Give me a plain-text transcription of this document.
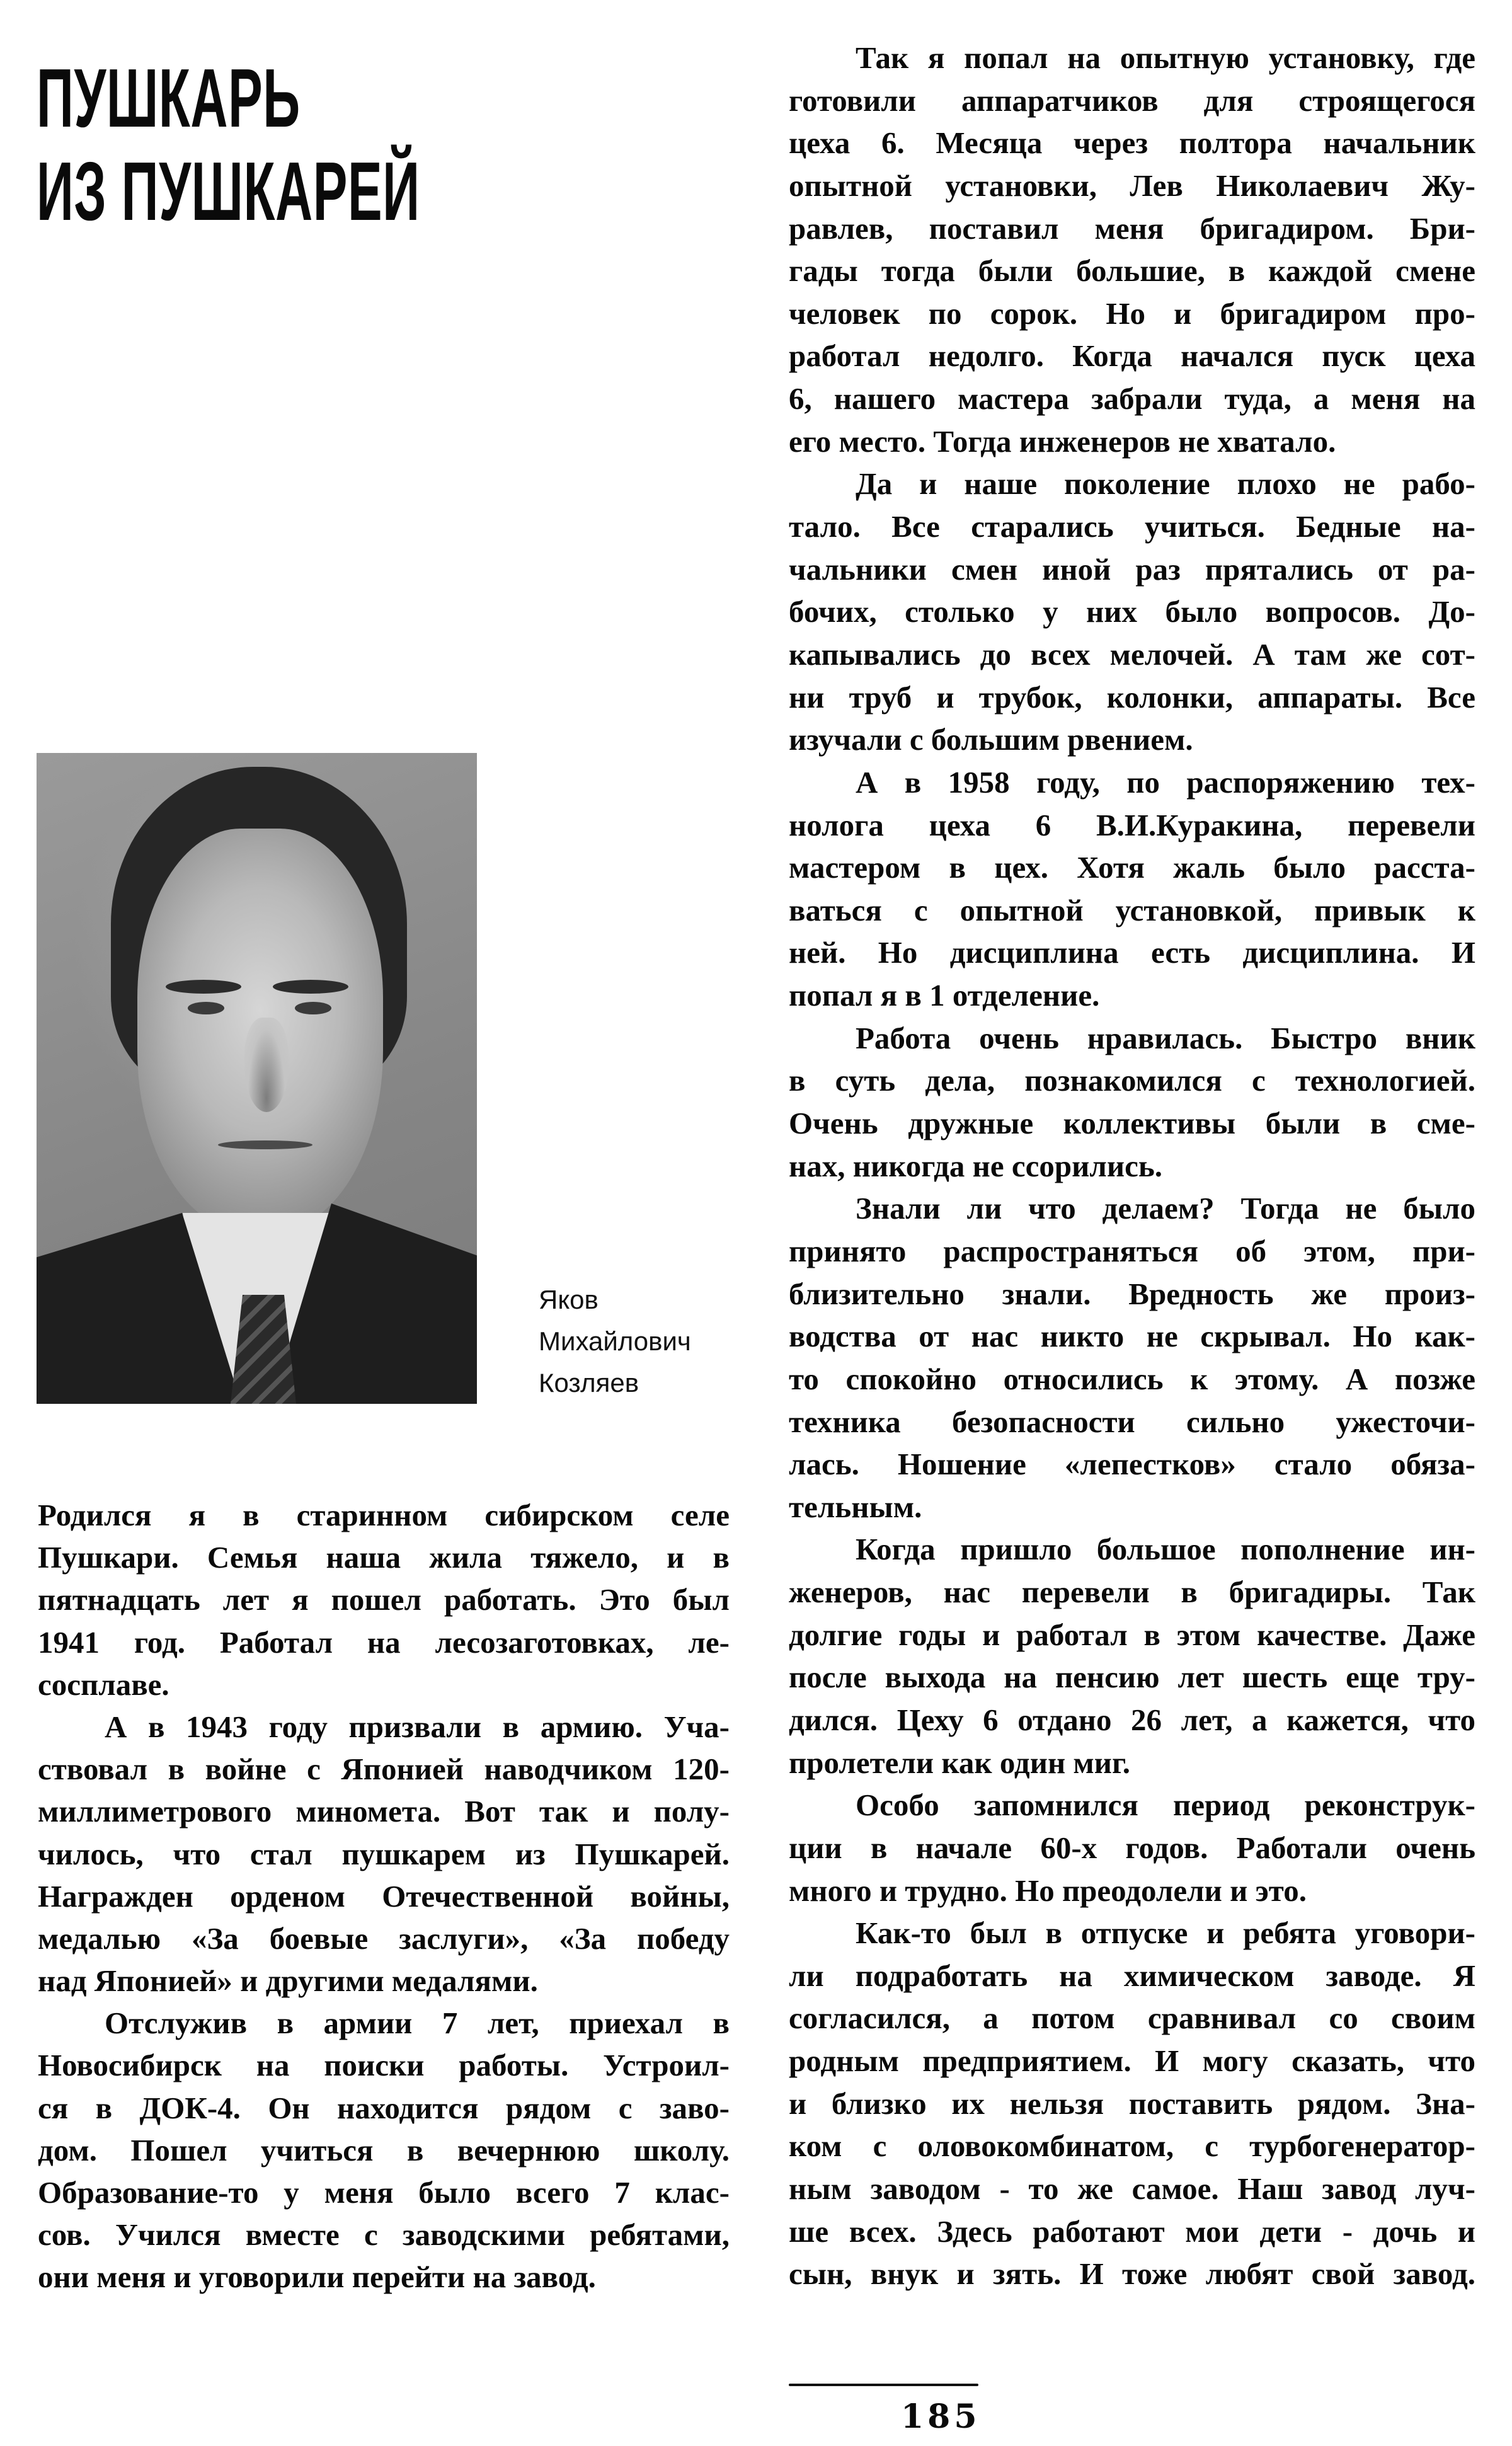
ПУШКАРЬ
ИЗ ПУШКАРЕЙ
Яков
Михайлович
Козляев
Родился я в старинном сибирском селе
Пушкари. Семья наша жила тяжело, и в
пятнадцать лет я пошел работать. Это был
1941 год. Работал на лесозаготовках, ле-
сосплаве.
А в 1943 году призвали в армию. Уча-
ствовал в войне с Японией наводчиком 120-
миллиметрового миномета. Вот так и полу-
чилось, что стал пушкарем из Пушкарей.
Награжден орденом Отечественной войны,
медалью «За боевые заслуги», «За победу
над Японией» и другими медалями.
Отслужив в армии 7 лет, приехал в
Новосибирск на поиски работы. Устроил-
ся в ДОК-4. Он находится рядом с заво-
дом. Пошел учиться в вечернюю школу.
Образование-то у меня было всего 7 клас-
сов. Учился вместе с заводскими ребятами,
они меня и уговорили перейти на завод.
Так я попал на опытную установку, где
готовили аппаратчиков для строящегося
цеха 6. Месяца через полтора начальник
опытной установки, Лев Николаевич Жу-
равлев, поставил меня бригадиром. Бри-
гады тогда были большие, в каждой смене
человек по сорок. Но и бригадиром про-
работал недолго. Когда начался пуск цеха
6, нашего мастера забрали туда, а меня на
его место. Тогда инженеров не хватало.
Да и наше поколение плохо не рабо-
тало. Все старались учиться. Бедные на-
чальники смен иной раз прятались от ра-
бочих, столько у них было вопросов. До-
капывались до всех мелочей. А там же сот-
ни труб и трубок, колонки, аппараты. Все
изучали с большим рвением.
А в 1958 году, по распоряжению тех-
нолога цеха 6 В.И.Куракина, перевели
мастером в цех. Хотя жаль было расста-
ваться с опытной установкой, привык к
ней. Но дисциплина есть дисциплина. И
попал я в 1 отделение.
Работа очень нравилась. Быстро вник
в суть дела, познакомился с технологией.
Очень дружные коллективы были в сме-
нах, никогда не ссорились.
Знали ли что делаем? Тогда не было
принято распространяться об этом, при-
близительно знали. Вредность же произ-
водства от нас никто не скрывал. Но как-
то спокойно относились к этому. А позже
техника безопасности сильно ужесточи-
лась. Ношение «лепестков» стало обяза-
тельным.
Когда пришло большое пополнение ин-
женеров, нас перевели в бригадиры. Так
долгие годы и работал в этом качестве. Даже
после выхода на пенсию лет шесть еще тру-
дился. Цеху 6 отдано 26 лет, а кажется, что
пролетели как один миг.
Особо запомнился период реконструк-
ции в начале 60-х годов. Работали очень
много и трудно. Но преодолели и это.
Как-то был в отпуске и ребята уговори-
ли подработать на химическом заводе. Я
согласился, а потом сравнивал со своим
родным предприятием. И могу сказать, что
и близко их нельзя поставить рядом. Зна-
ком с оловокомбинатом, с турбогенератор-
ным заводом - то же самое. Наш завод луч-
ше всех. Здесь работают мои дети - дочь и
сын, внук и зять. И тоже любят свой завод.
185
